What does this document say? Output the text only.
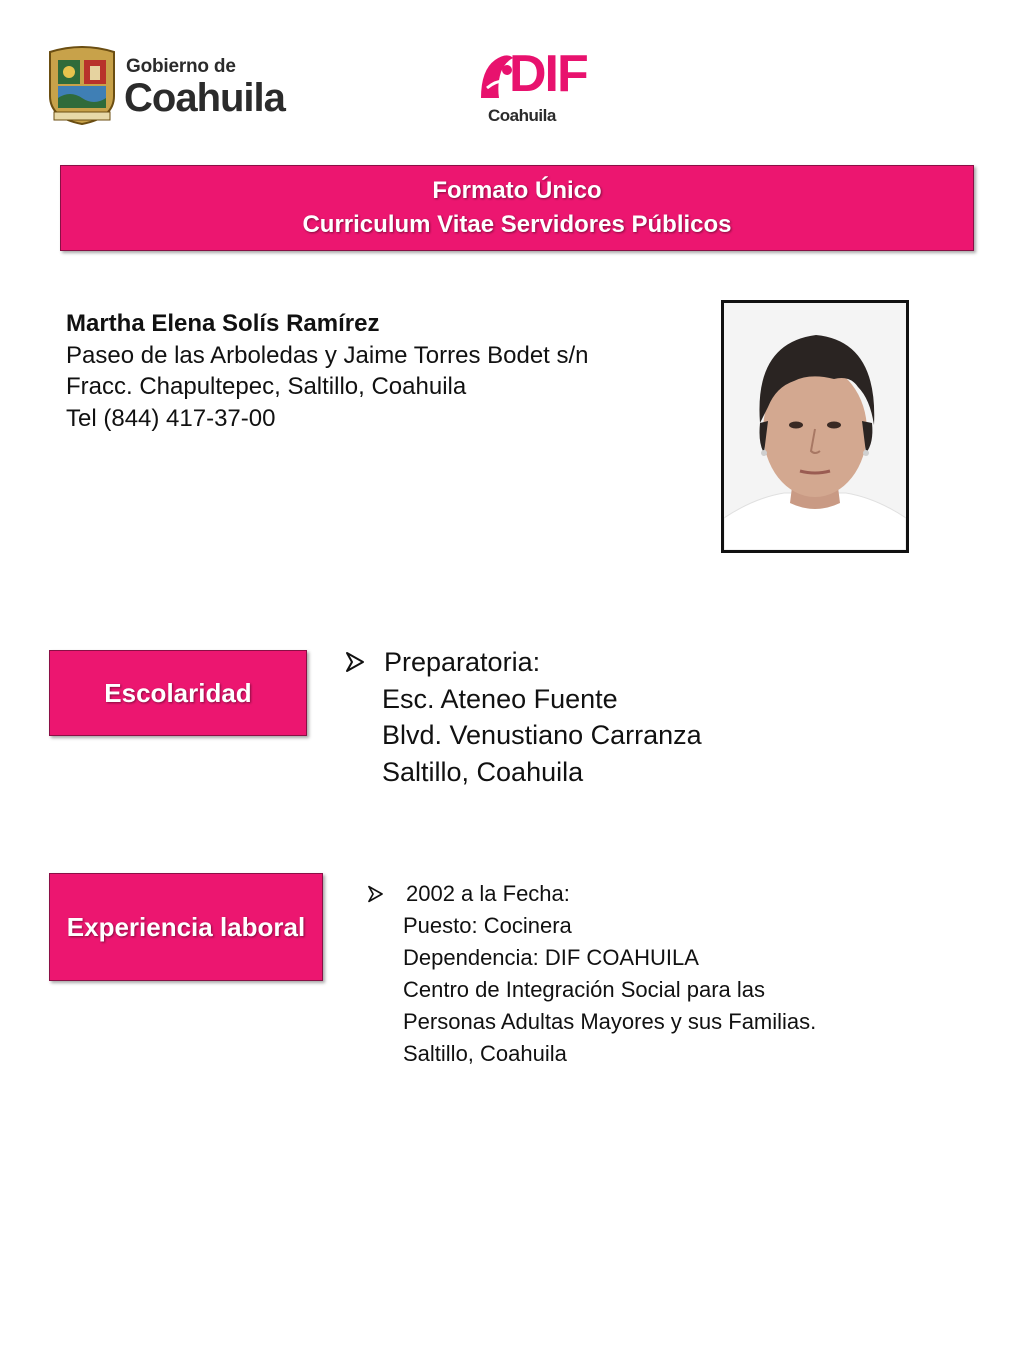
Gobierno de
Coahuila	DIF
Coahuila
Formato Único
Curriculum Vitae Servidores Públicos
Martha Elena Solís Ramírez
Paseo de las Arboledas y Jaime Torres Bodet s/n
Fracc. Chapultepec, Saltillo, Coahuila
Tel (844) 417-37-00
Escolaridad
Preparatoria:
Esc. Ateneo Fuente
Blvd. Venustiano Carranza
Saltillo, Coahuila
Experiencia laboral
2002 a la Fecha:
Puesto: Cocinera
Dependencia: DIF COAHUILA
Centro de Integración Social para las
Personas Adultas Mayores y sus Familias.
Saltillo, Coahuila
